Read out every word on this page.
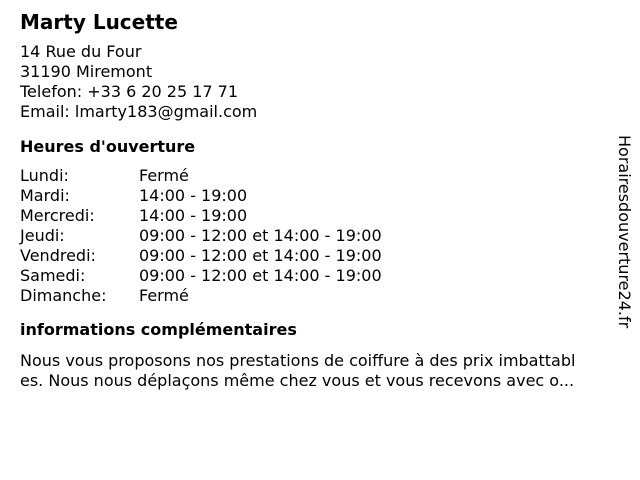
Marty Lucette
14 Rue du Four
31190 Miremont
Telefon: +33 6 20 25 17 71
Email: lmarty183@gmail.com
Heures d'ouverture
Lundi:	Fermé
Mardi:	14:00 - 19:00
Mercredi:	14:00 - 19:00
Jeudi:	09:00 - 12:00 et 14:00 - 19:00
Vendredi:	09:00 - 12:00 et 14:00 - 19:00
Samedi:	09:00 - 12:00 et 14:00 - 19:00
Dimanche:	Fermé
informations complémentaires
Nous vous proposons nos prestations de coiffure à des prix imbattabl
es. Nous nous déplaçons même chez vous et vous recevons avec o...
Horairesdouverture24.fr
